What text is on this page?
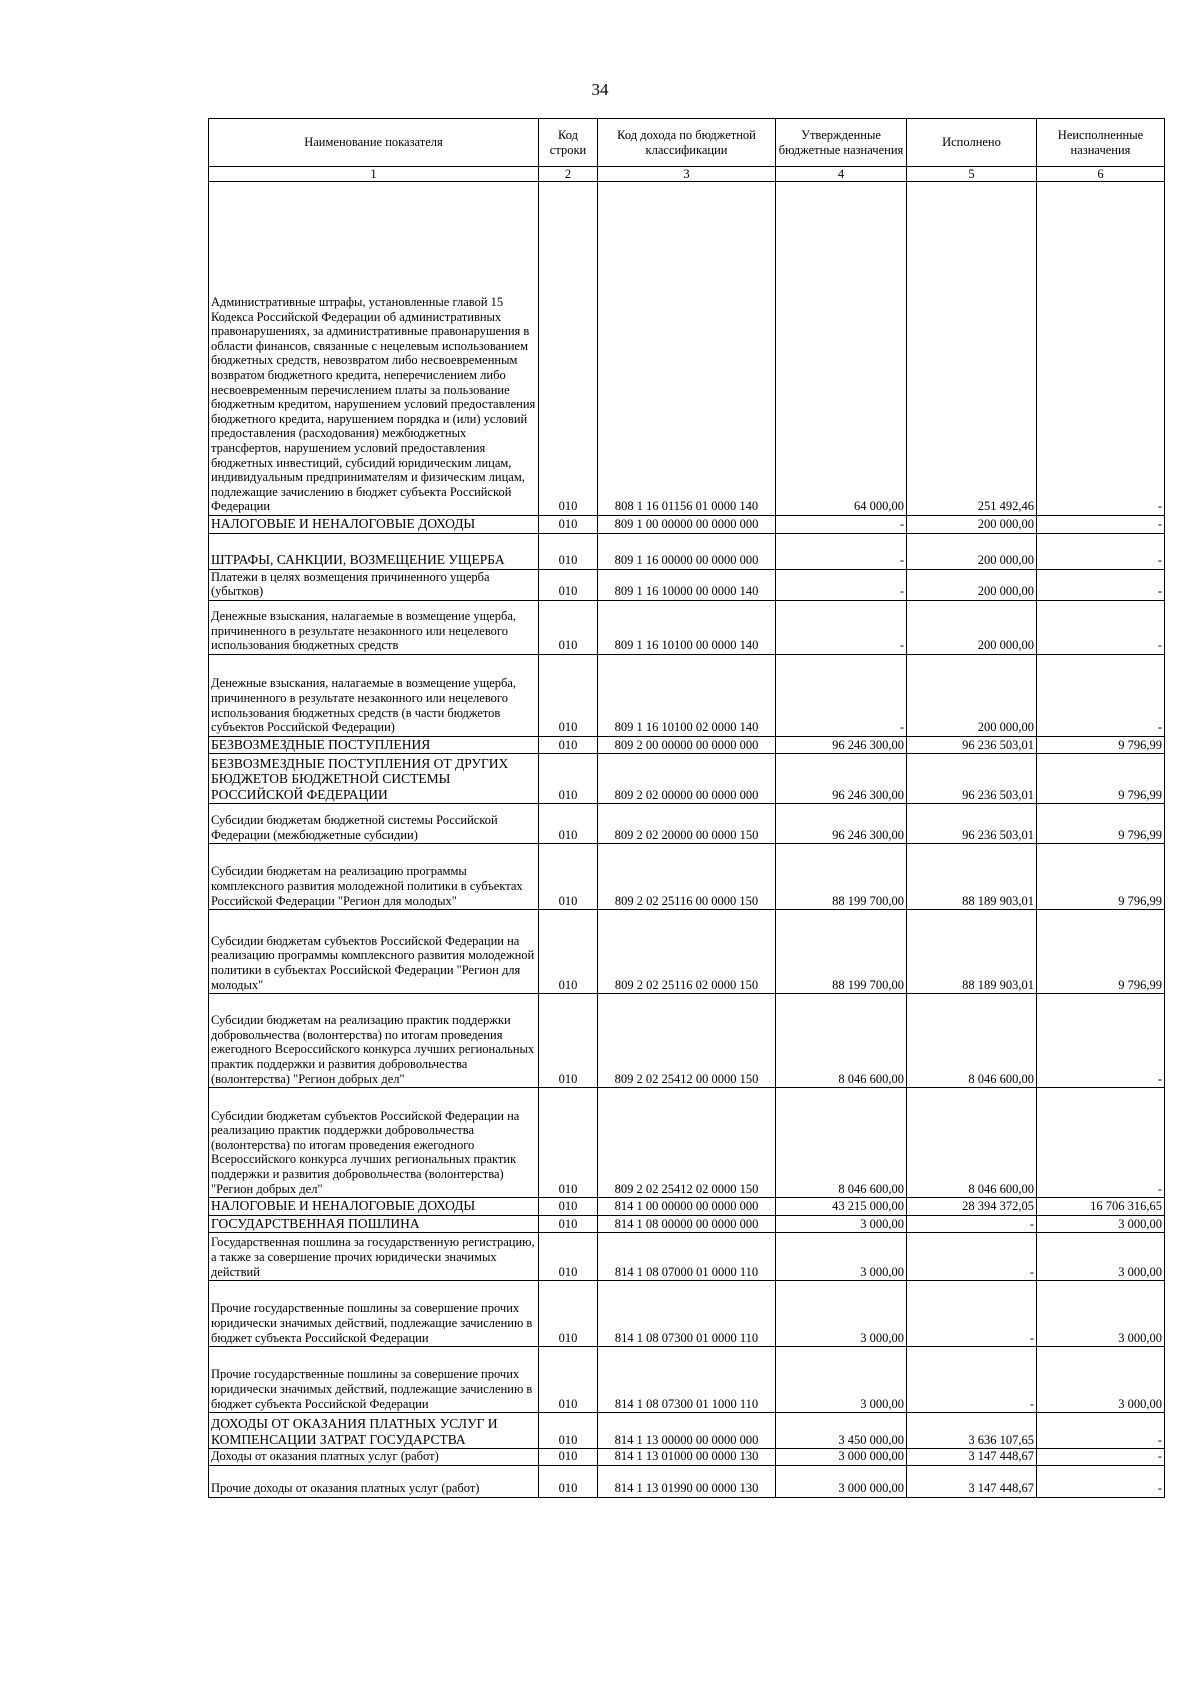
34
Наименование показателя	Код строки	Код дохода по бюджетной классификации	Утвержденные бюджетные назначения	Исполнено	Неисполненные назначения
1	2	3	4	5	6
Административные штрафы, установленные главой 15 Кодекса Российской Федерации об административных правонарушениях, за административные правонарушения в области финансов, связанные с нецелевым использованием бюджетных средств, невозвратом либо несвоевременным возвратом бюджетного кредита, неперечислением либо несвоевременным перечислением платы за пользование бюджетным кредитом, нарушением условий предоставления бюджетного кредита, нарушением порядка и (или) условий предоставления (расходования) межбюджетных трансфертов, нарушением условий предоставления бюджетных инвестиций, субсидий юридическим лицам, индивидуальным предпринимателям и физическим лицам, подлежащие зачислению в бюджет субъекта Российской Федерации	010	808 1 16 01156 01 0000 140	64 000,00	251 492,46	-
НАЛОГОВЫЕ И НЕНАЛОГОВЫЕ ДОХОДЫ	010	809 1 00 00000 00 0000 000	-	200 000,00	-
ШТРАФЫ, САНКЦИИ, ВОЗМЕЩЕНИЕ УЩЕРБА	010	809 1 16 00000 00 0000 000	-	200 000,00	-
Платежи в целях возмещения причиненного ущерба (убытков)	010	809 1 16 10000 00 0000 140	-	200 000,00	-
Денежные взыскания, налагаемые в возмещение ущерба, причиненного в результате незаконного или нецелевого использования бюджетных средств	010	809 1 16 10100 00 0000 140	-	200 000,00	-
Денежные взыскания, налагаемые в возмещение ущерба, причиненного в результате незаконного или нецелевого использования бюджетных средств (в части бюджетов субъектов Российской Федерации)	010	809 1 16 10100 02 0000 140	-	200 000,00	-
БЕЗВОЗМЕЗДНЫЕ ПОСТУПЛЕНИЯ	010	809 2 00 00000 00 0000 000	96 246 300,00	96 236 503,01	9 796,99
БЕЗВОЗМЕЗДНЫЕ ПОСТУПЛЕНИЯ ОТ ДРУГИХ БЮДЖЕТОВ БЮДЖЕТНОЙ СИСТЕМЫ РОССИЙСКОЙ ФЕДЕРАЦИИ	010	809 2 02 00000 00 0000 000	96 246 300,00	96 236 503,01	9 796,99
Субсидии бюджетам бюджетной системы Российской Федерации (межбюджетные субсидии)	010	809 2 02 20000 00 0000 150	96 246 300,00	96 236 503,01	9 796,99
Субсидии бюджетам на реализацию программы комплексного развития молодежной политики в субъектах Российской Федерации "Регион для молодых"	010	809 2 02 25116 00 0000 150	88 199 700,00	88 189 903,01	9 796,99
Субсидии бюджетам субъектов Российской Федерации на реализацию программы комплексного развития молодежной политики в субъектах Российской Федерации "Регион для молодых"	010	809 2 02 25116 02 0000 150	88 199 700,00	88 189 903,01	9 796,99
Субсидии бюджетам на реализацию практик поддержки добровольчества (волонтерства) по итогам проведения ежегодного Всероссийского конкурса лучших региональных практик поддержки и развития добровольчества (волонтерства) "Регион добрых дел"	010	809 2 02 25412 00 0000 150	8 046 600,00	8 046 600,00	-
Субсидии бюджетам субъектов Российской Федерации на реализацию практик поддержки добровольчества (волонтерства) по итогам проведения ежегодного Всероссийского конкурса лучших региональных практик поддержки и развития добровольчества (волонтерства) "Регион добрых дел"	010	809 2 02 25412 02 0000 150	8 046 600,00	8 046 600,00	-
НАЛОГОВЫЕ И НЕНАЛОГОВЫЕ ДОХОДЫ	010	814 1 00 00000 00 0000 000	43 215 000,00	28 394 372,05	16 706 316,65
ГОСУДАРСТВЕННАЯ ПОШЛИНА	010	814 1 08 00000 00 0000 000	3 000,00	-	3 000,00
Государственная пошлина за государственную регистрацию, а также за совершение прочих юридически значимых действий	010	814 1 08 07000 01 0000 110	3 000,00	-	3 000,00
Прочие государственные пошлины за совершение прочих юридически значимых действий, подлежащие зачислению в бюджет субъекта Российской Федерации	010	814 1 08 07300 01 0000 110	3 000,00	-	3 000,00
Прочие государственные пошлины за совершение прочих юридически значимых действий, подлежащие зачислению в бюджет субъекта Российской Федерации	010	814 1 08 07300 01 1000 110	3 000,00	-	3 000,00
ДОХОДЫ ОТ ОКАЗАНИЯ ПЛАТНЫХ УСЛУГ И КОМПЕНСАЦИИ ЗАТРАТ ГОСУДАРСТВА	010	814 1 13 00000 00 0000 000	3 450 000,00	3 636 107,65	-
Доходы от оказания платных услуг (работ)	010	814 1 13 01000 00 0000 130	3 000 000,00	3 147 448,67	-
Прочие доходы от оказания платных услуг (работ)	010	814 1 13 01990 00 0000 130	3 000 000,00	3 147 448,67	-
